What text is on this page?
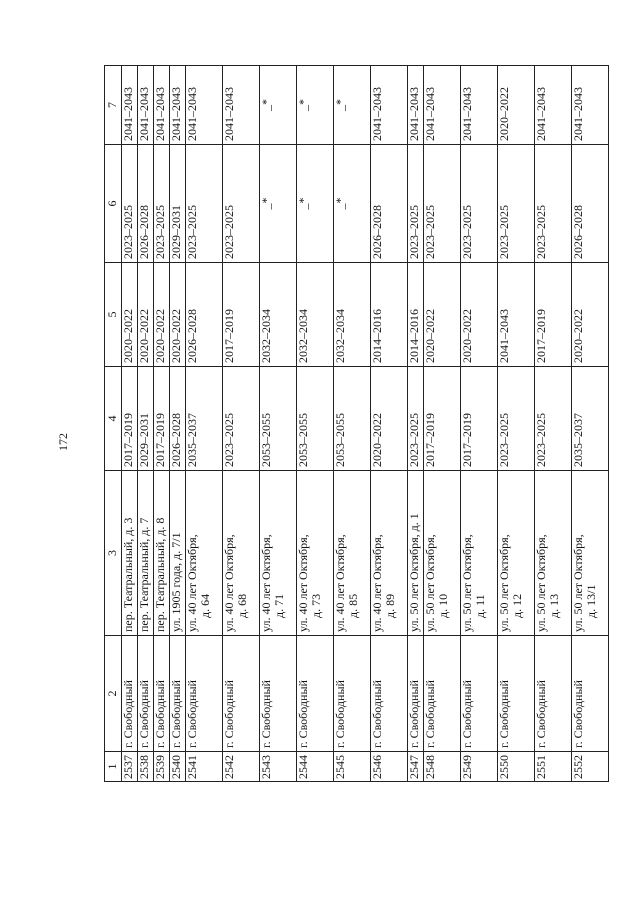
172
1	2	3	4	5	6	7
2537	г. Свободный	пер. Театральный, д. 3	2017–2019	2020–2022	2023–2025	2041–2043
2538	г. Свободный	пер. Театральный, д. 7	2029–2031	2020–2022	2026–2028	2041–2043
2539	г. Свободный	пер. Театральный, д. 8	2017–2019	2020–2022	2023–2025	2041–2043
2540	г. Свободный	ул. 1905 года, д. 7/1	2026–2028	2020–2022	2029–2031	2041–2043
2541	г. Свободный	ул. 40 лет Октября,
д. 64	2035–2037	2026–2028	2023–2025	2041–2043
2542	г. Свободный	ул. 40 лет Октября,
д. 68	2023–2025	2017–2019	2023–2025	2041–2043
2543	г. Свободный	ул. 40 лет Октября,
д. 71	2053–2055	2032–2034	_*	_*
2544	г. Свободный	ул. 40 лет Октября,
д. 73	2053–2055	2032–2034	_*	_*
2545	г. Свободный	ул. 40 лет Октября,
д. 85	2053–2055	2032–2034	_*	_*
2546	г. Свободный	ул. 40 лет Октября,
д. 89	2020–2022	2014–2016	2026–2028	2041–2043
2547	г. Свободный	ул. 50 лет Октября, д. 1	2023–2025	2014–2016	2023–2025	2041–2043
2548	г. Свободный	ул. 50 лет Октября,
д. 10	2017–2019	2020–2022	2023–2025	2041–2043
2549	г. Свободный	ул. 50 лет Октября,
д. 11	2017–2019	2020–2022	2023–2025	2041–2043
2550	г. Свободный	ул. 50 лет Октября,
д. 12	2023–2025	2041–2043	2023–2025	2020–2022
2551	г. Свободный	ул. 50 лет Октября,
д. 13	2023–2025	2017–2019	2023–2025	2041–2043
2552	г. Свободный	ул. 50 лет Октября,
д. 13/1	2035–2037	2020–2022	2026–2028	2041–2043
